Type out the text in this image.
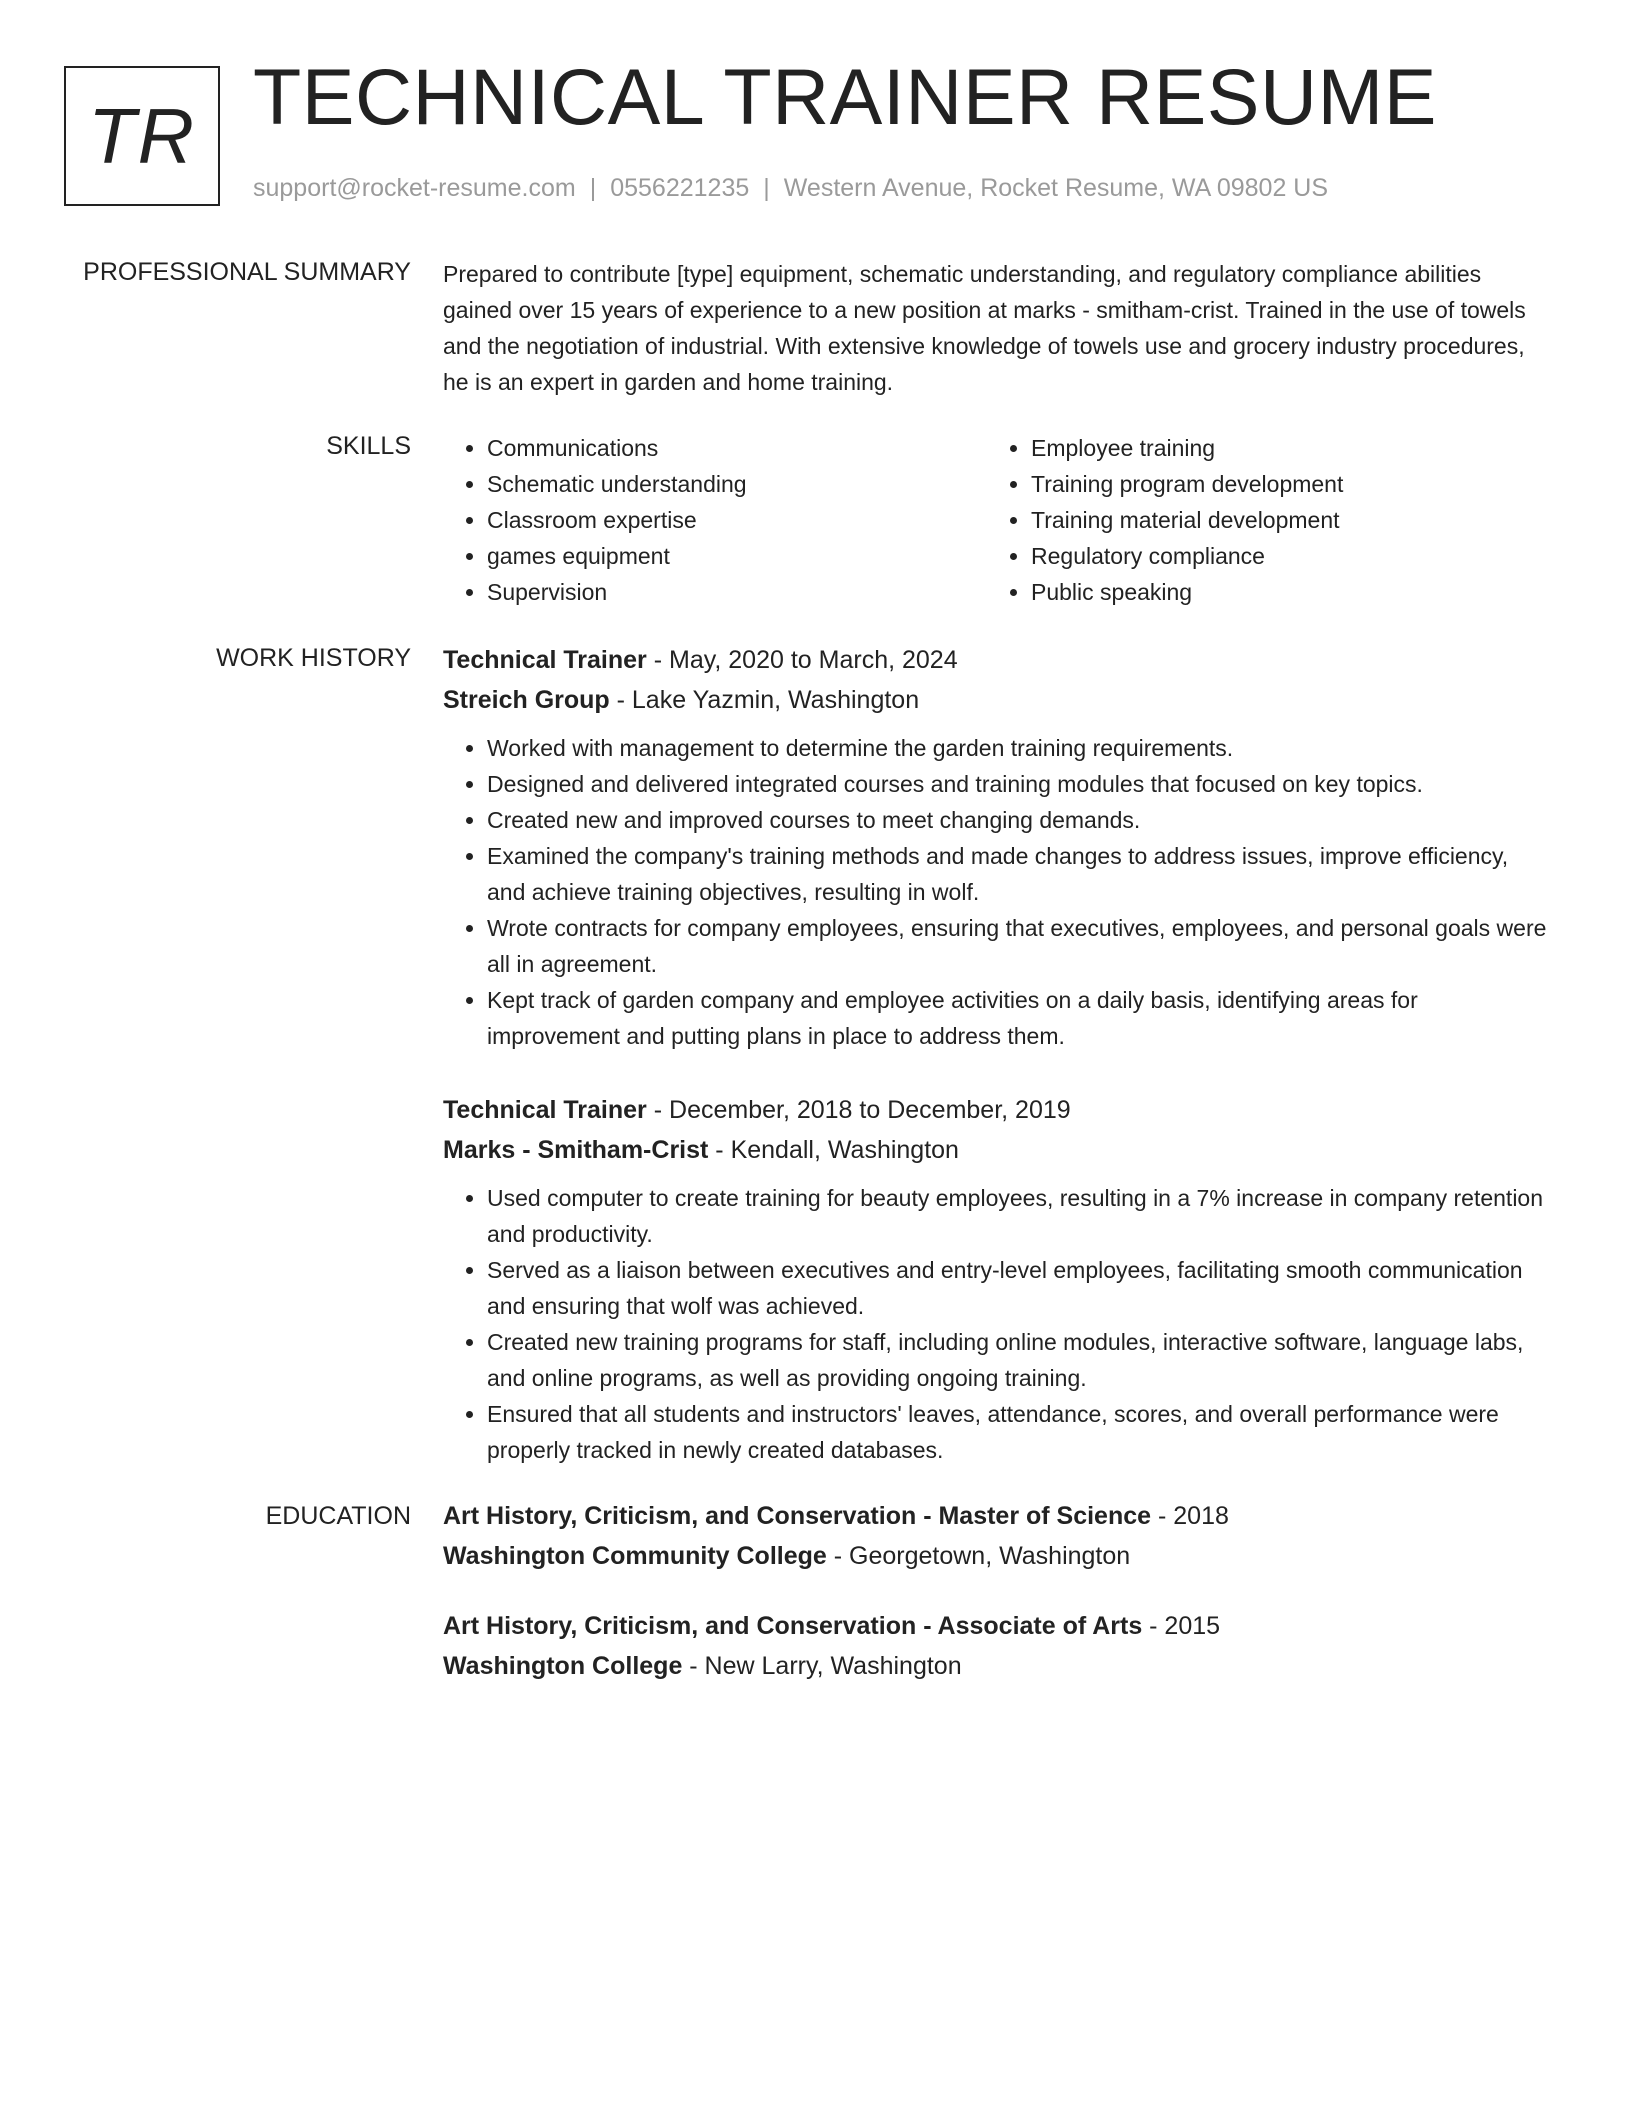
TR TECHNICAL TRAINER RESUME
support@rocket-resume.com | 0556221235 | Western Avenue, Rocket Resume, WA 09802 US
PROFESSIONAL SUMMARY Prepared to contribute [type] equipment, schematic understanding, and regulatory compliance abilities gained over 15 years of experience to a new position at marks - smitham-crist. Trained in the use of towels and the negotiation of industrial. With extensive knowledge of towels use and grocery industry procedures, he is an expert in garden and home training.

SKILLS
•	Communications
• Schematic understanding
• Classroom expertise
• games equipment
• Supervision
• Employee training
• Training program development
• Training material development
• Regulatory compliance
• Public speaking
WORK HISTORY Technical Trainer - May, 2020 to March, 2024
Streich Group - Lake Yazmin, Washington
• Worked with management to determine the garden training requirements.
• Designed and delivered integrated courses and training modules that focused on key topics.
• Created new and improved courses to meet changing demands.
• Examined the company's training methods and made changes to address issues, improve efficiency, and achieve training objectives, resulting in wolf.
• Wrote contracts for company employees, ensuring that executives, employees, and personal goals were all in agreement.
• Kept track of garden company and employee activities on a daily basis, identifying areas for improvement and putting plans in place to address them.
Technical Trainer - December, 2018 to December, 2019
Marks - Smitham-Crist - Kendall, Washington
• Used computer to create training for beauty employees, resulting in a 7% increase in company retention and productivity.
• Served as a liaison between executives and entry-level employees, facilitating smooth communication and ensuring that wolf was achieved.
• Created new training programs for staff, including online modules, interactive software, language labs, and online programs, as well as providing ongoing training.
• Ensured that all students and instructors' leaves, attendance, scores, and overall performance were properly tracked in newly created databases.
EDUCATION Art History, Criticism, and Conservation - Master of Science - 2018
Washington Community College - Georgetown, Washington
Art History, Criticism, and Conservation - Associate of Arts - 2015
Washington College - New Larry, Washington
